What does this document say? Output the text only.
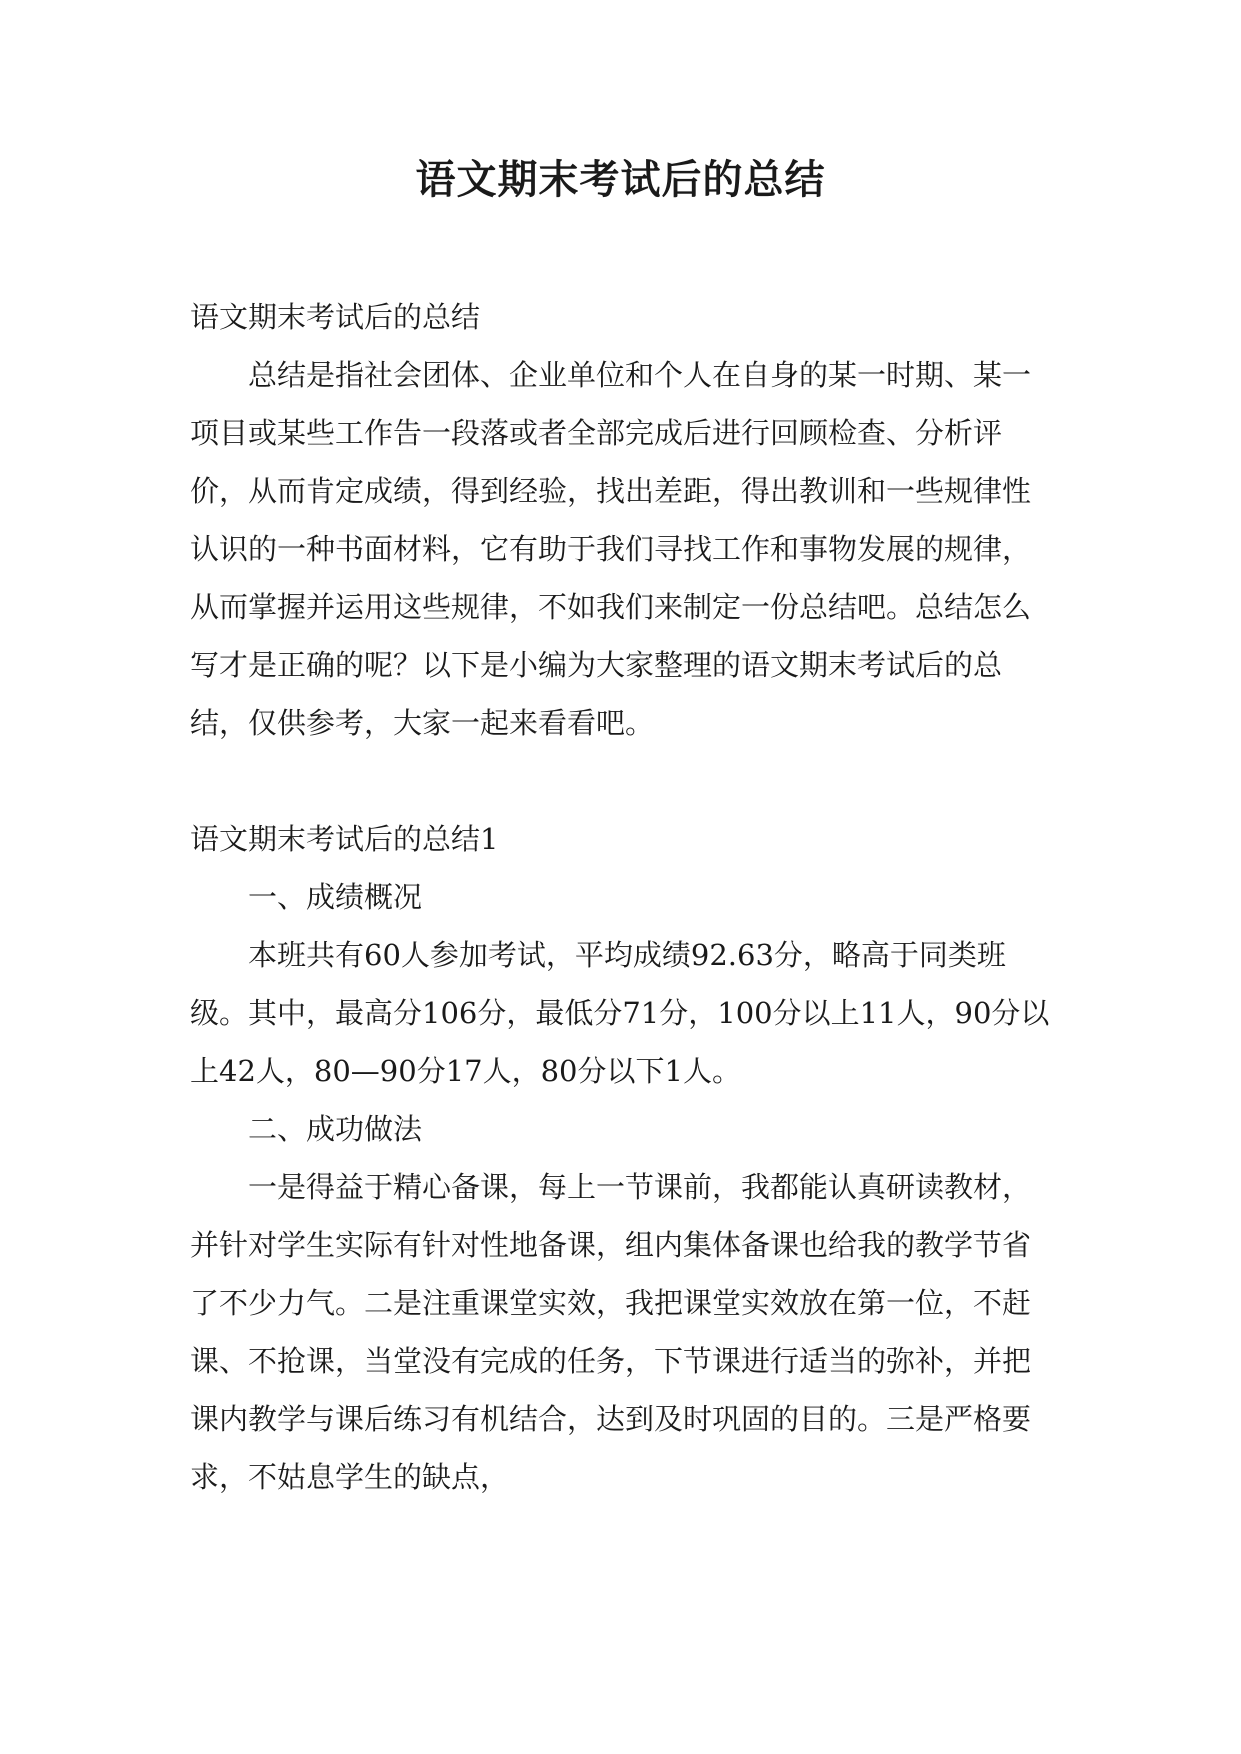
语文期末考试后的总结

语文期末考试后的总结

总结是指社会团体、企业单位和个人在自身的某一时期、某一项目或某些工作告一段落或者全部完成后进行回顾检查、分析评价，从而肯定成绩，得到经验，找出差距，得出教训和一些规律性认识的一种书面材料，它有助于我们寻找工作和事物发展的规律，从而掌握并运用这些规律，不如我们来制定一份总结吧。总结怎么写才是正确的呢？以下是小编为大家整理的语文期末考试后的总结，仅供参考，大家一起来看看吧。

语文期末考试后的总结1

一、成绩概况

本班共有60人参加考试，平均成绩92.63分，略高于同类班级。其中，最高分106分，最低分71分，100分以上11人，90分以上42人，80—90分17人，80分以下1人。

二、成功做法

一是得益于精心备课，每上一节课前，我都能认真研读教材，并针对学生实际有针对性地备课，组内集体备课也给我的教学节省了不少力气。二是注重课堂实效，我把课堂实效放在第一位，不赶课、不抢课，当堂没有完成的任务，下节课进行适当的弥补，并把课内教学与课后练习有机结合，达到及时巩固的目的。三是严格要求，不姑息学生的缺点，
